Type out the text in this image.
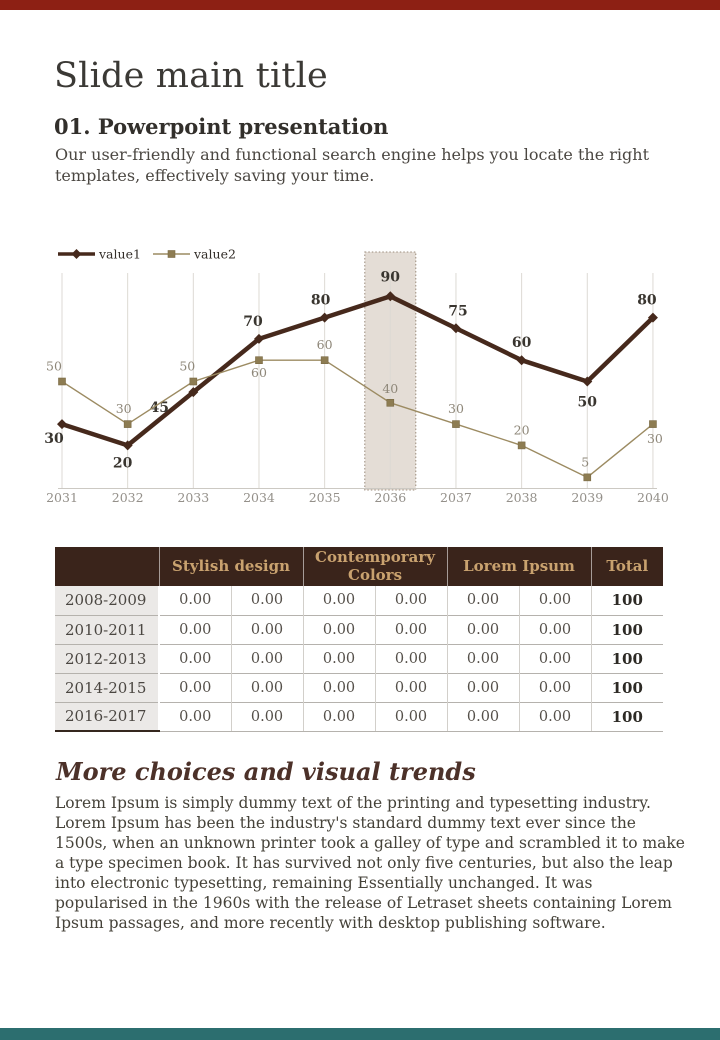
Slide main title
01. Powerpoint presentation

Our user-friendly and functional search engine helps you locate the right templates, effectively saving your time.

30
20
45
70
80
90
75
60
50
80
50
30
50	60
60
40
30
20
5
30
2031	2032	2033	2034	2035	2036	2037	2038	2039	2040
value1	value2
	Stylish design		Contemporary Colors		Lorem Ipsum		Total
2008-2009	0.00	0.00	0.00	0.00	0.00	0.00	100
2010-2011	0.00	0.00	0.00	0.00	0.00	0.00	100
2012-2013	0.00	0.00	0.00	0.00	0.00	0.00	100
2014-2015	0.00	0.00	0.00	0.00	0.00	0.00	100
2016-2017	0.00	0.00	0.00	0.00	0.00	0.00	100
More choices and visual trends

Lorem Ipsum is simply dummy text of the printing and typesetting industry.

Lorem Ipsum has been the industry's standard dummy text ever since the 1500s, when an unknown printer took a galley of type and scrambled it to make a type specimen book. It has survived not only five centuries, but also the leap into electronic typesetting, remaining Essentially unchanged. It was popularised in the 1960s with the release of Letraset sheets containing Lorem Ipsum passages, and more recently with desktop publishing software.
